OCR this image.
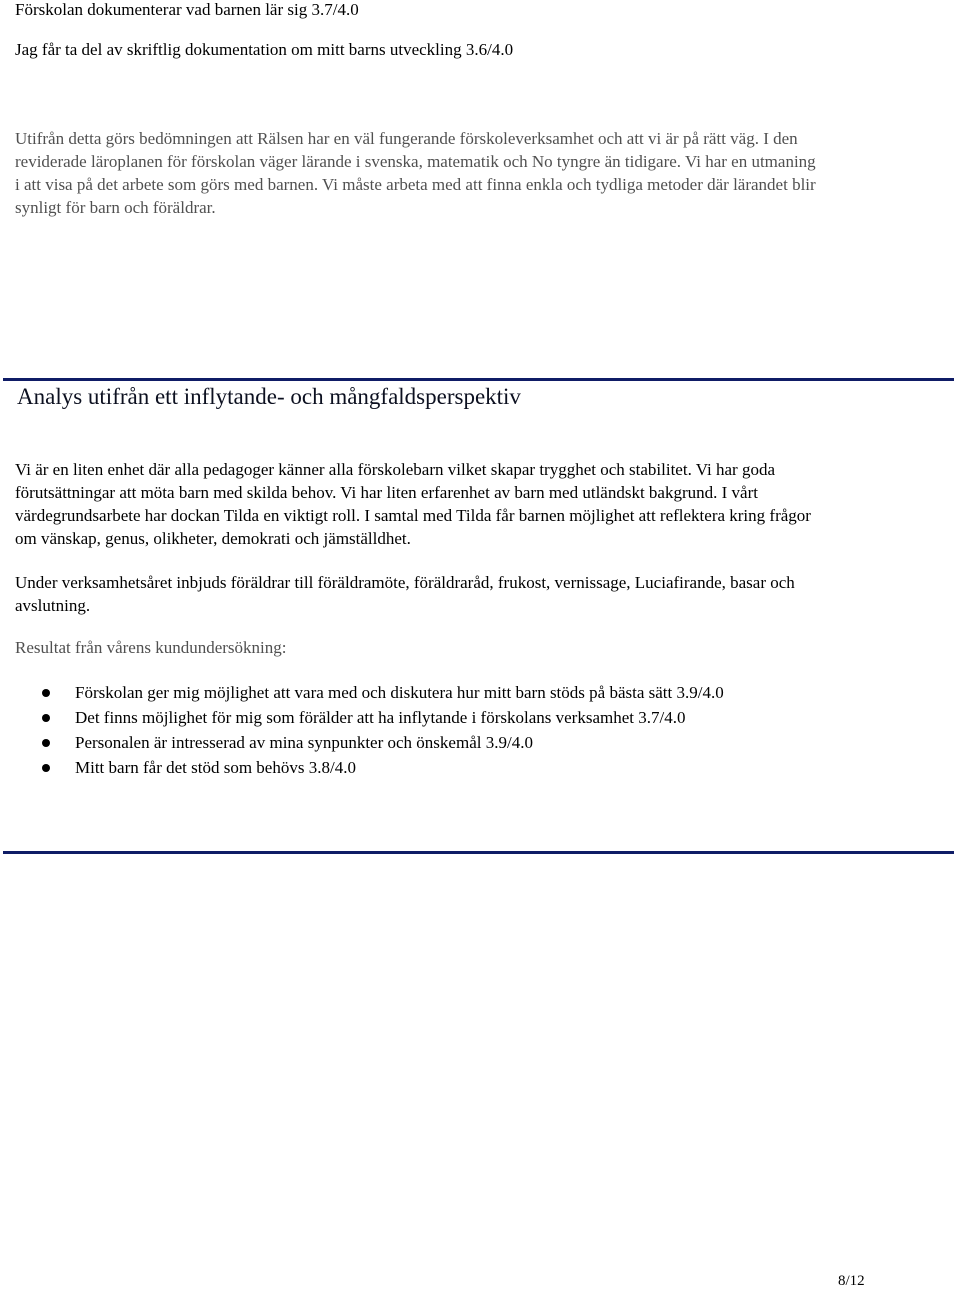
Förskolan dokumenterar vad barnen lär sig 3.7/4.0

Jag får ta del av skriftlig dokumentation om mitt barns utveckling 3.6/4.0

Utifrån detta görs bedömningen att Rälsen har en väl fungerande förskoleverksamhet och att vi är på rätt väg. I den
reviderade läroplanen för förskolan väger lärande i svenska, matematik och No tyngre än tidigare. Vi har en utmaning
i att visa på det arbete som görs med barnen. Vi måste arbeta med att finna enkla och tydliga metoder där lärandet blir
synligt för barn och föräldrar.
Analys utifrån ett inflytande- och mångfaldsperspektiv
Vi är en liten enhet där alla pedagoger känner alla förskolebarn vilket skapar trygghet och stabilitet. Vi har goda
förutsättningar att möta barn med skilda behov. Vi har liten erfarenhet av barn med utländskt bakgrund. I vårt
värdegrundsarbete har dockan Tilda en viktigt roll. I samtal med Tilda får barnen möjlighet att reflektera kring frågor
om vänskap, genus, olikheter, demokrati och jämställdhet.
Under verksamhetsåret inbjuds föräldrar till föräldramöte, föräldraråd, frukost, vernissage, Luciafirande, basar och
avslutning.

Resultat från vårens kundundersökning:

Förskolan ger mig möjlighet att vara med och diskutera hur mitt barn stöds på bästa sätt 3.9/4.0
Det finns möjlighet för mig som förälder att ha inflytande i förskolans verksamhet 3.7/4.0
Personalen är intresserad av mina synpunkter och önskemål 3.9/4.0
Mitt barn får det stöd som behövs 3.8/4.0
8/12
